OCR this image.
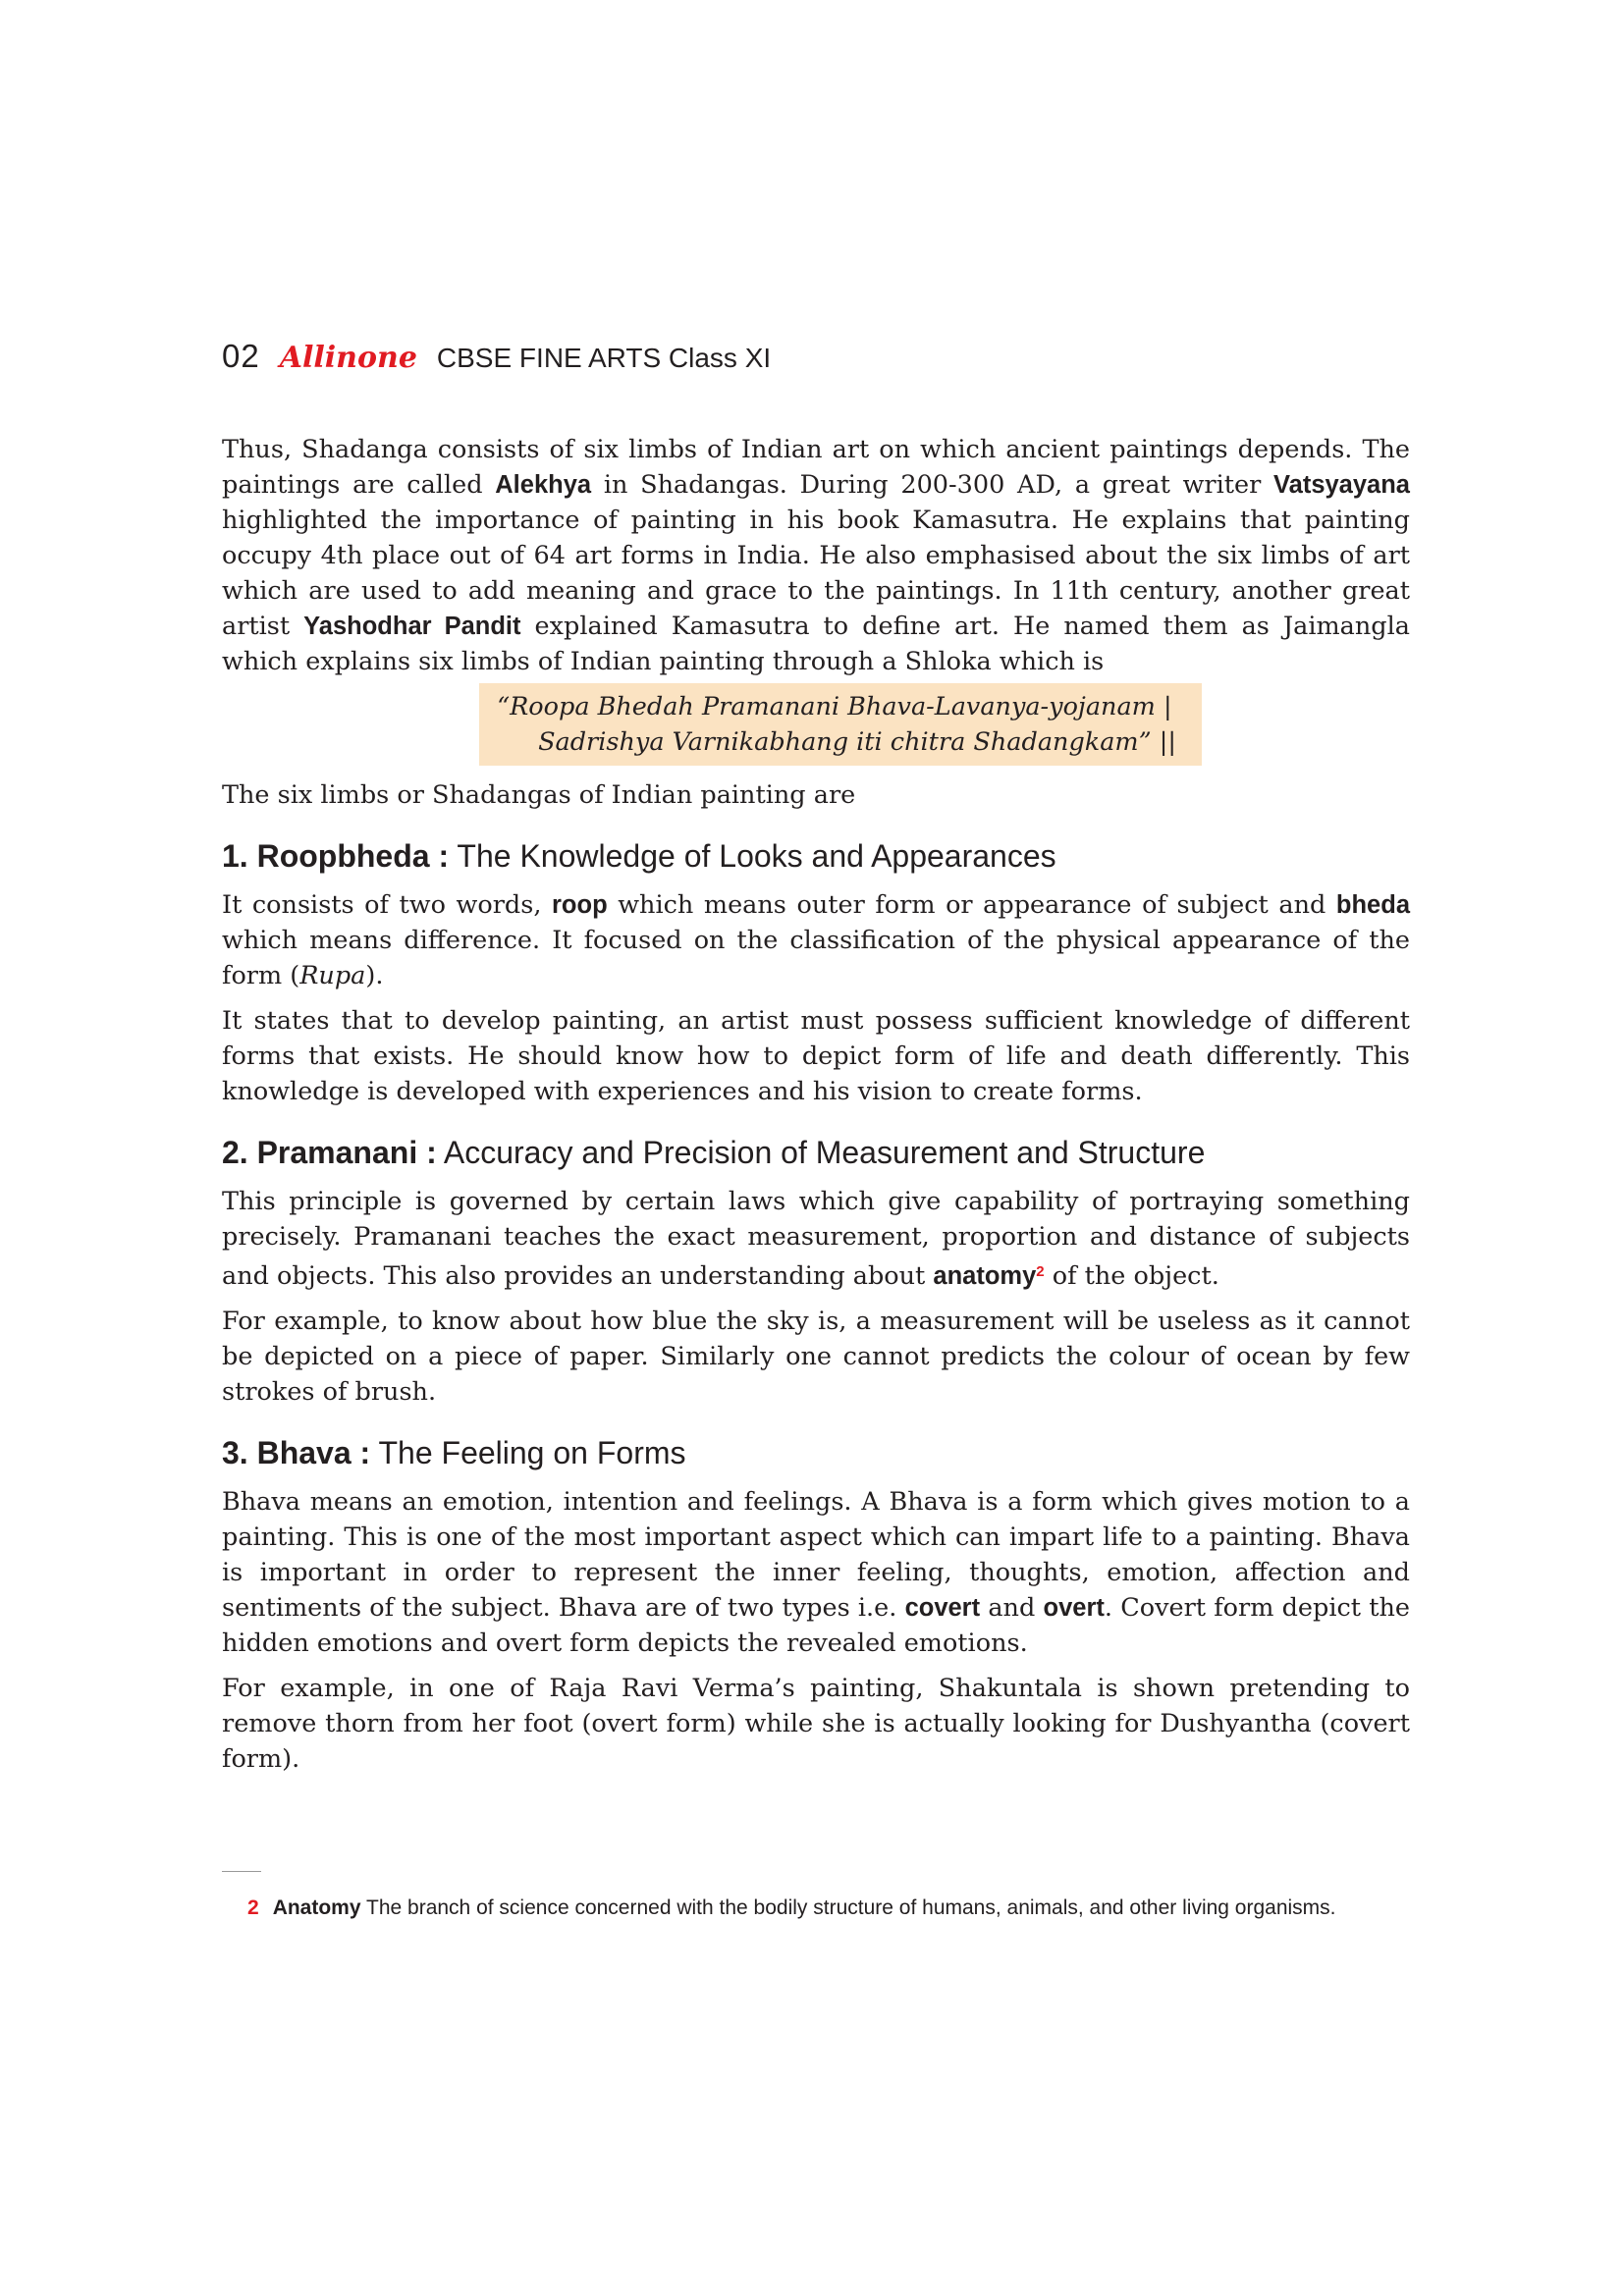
02 Allinone CBSE FINE ARTS Class XI

Thus, Shadanga consists of six limbs of Indian art on which ancient paintings depends. The paintings are called Alekhya in Shadangas. During 200-300 AD, a great writer Vatsyayana highlighted the importance of painting in his book Kamasutra. He explains that painting occupy 4th place out of 64 art forms in India. He also emphasised about the six limbs of art which are used to add meaning and grace to the paintings. In 11th century, another great artist Yashodhar Pandit explained Kamasutra to define art. He named them as Jaimangla which explains six limbs of Indian painting through a Shloka which is

“Roopa Bhedah Pramanani Bhava-Lavanya-yojanam |
Sadrishya Varnikabhang iti chitra Shadangkam” ||

The six limbs or Shadangas of Indian painting are

1. Roopbheda : The Knowledge of Looks and Appearances

It consists of two words, roop which means outer form or appearance of subject and bheda which means difference. It focused on the classification of the physical appearance of the form (Rupa).

It states that to develop painting, an artist must possess sufficient knowledge of different forms that exists. He should know how to depict form of life and death differently. This knowledge is developed with experiences and his vision to create forms.

2. Pramanani : Accuracy and Precision of Measurement and Structure

This principle is governed by certain laws which give capability of portraying something precisely. Pramanani teaches the exact measurement, proportion and distance of subjects and objects. This also provides an understanding about anatomy$^2$ of the object.

For example, to know about how blue the sky is, a measurement will be useless as it cannot be depicted on a piece of paper. Similarly one cannot predicts the colour of ocean by few strokes of brush.

3. Bhava : The Feeling on Forms

Bhava means an emotion, intention and feelings. A Bhava is a form which gives motion to a painting. This is one of the most important aspect which can impart life to a painting. Bhava is important in order to represent the inner feeling, thoughts, emotion, affection and sentiments of the subject. Bhava are of two types i.e. covert and overt. Covert form depict the hidden emotions and overt form depicts the revealed emotions.

For example, in one of Raja Ravi Verma’s painting, Shakuntala is shown pretending to remove thorn from her foot (overt form) while she is actually looking for Dushyantha (covert form).

2 Anatomy The branch of science concerned with the bodily structure of humans, animals, and other living organisms.
